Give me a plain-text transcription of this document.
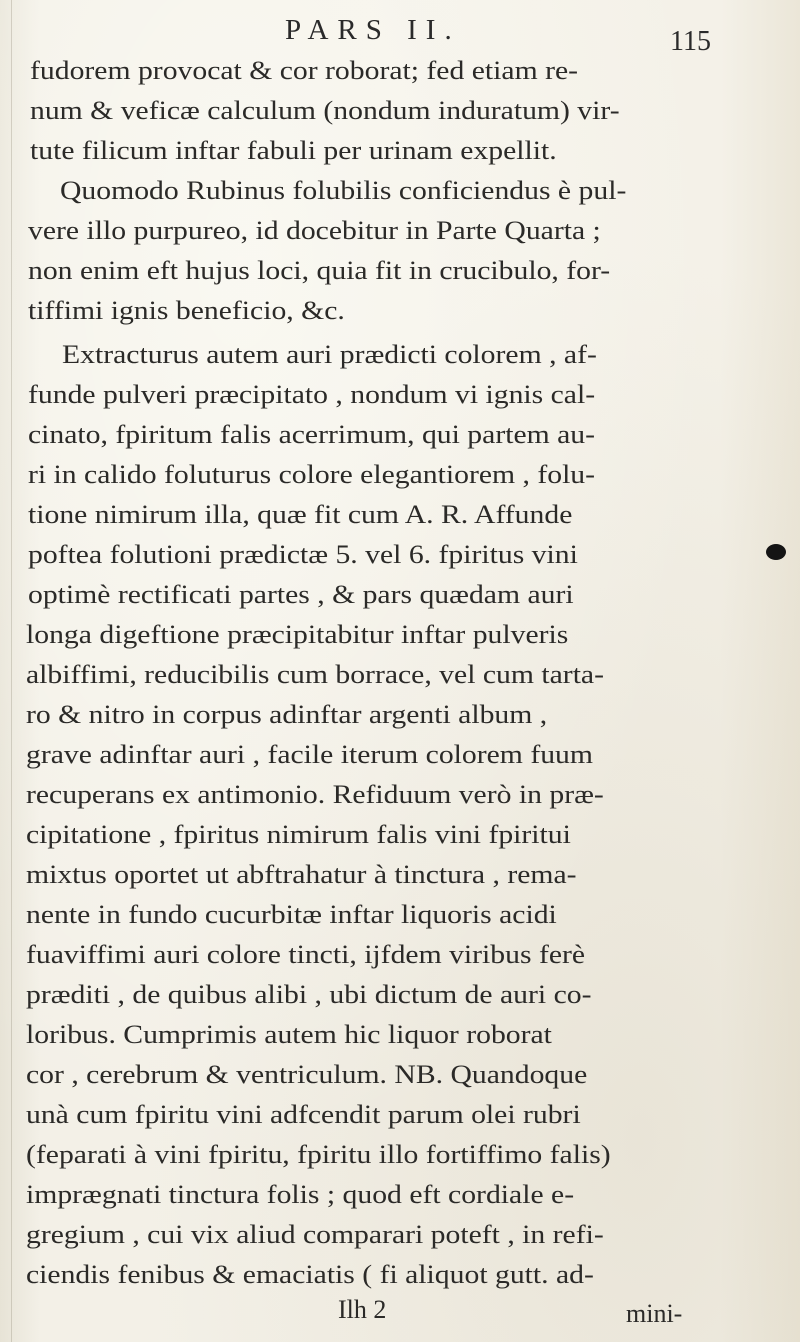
PARS II.	115
fudorem provocat & cor roborat; fed etiam re-
num & veficæ calculum (nondum induratum) vir-
tute filicum inftar fabuli per urinam expellit.
Quomodo Rubinus folubilis conficiendus è pul-
vere illo purpureo, id docebitur in Parte Quarta ;
non enim eft hujus loci, quia fit in crucibulo, for-
tiffimi ignis beneficio, &c.
Extracturus autem auri prædicti colorem , af-
funde pulveri præcipitato , nondum vi ignis cal-
cinato, fpiritum falis acerrimum, qui partem au-
ri in calido foluturus colore elegantiorem , folu-
tione nimirum illa, quæ fit cum A. R. Affunde
poftea folutioni prædictæ 5. vel 6. fpiritus vini
optimè rectificati partes , & pars quædam auri
longa digeftione præcipitabitur inftar pulveris
albiffimi, reducibilis cum borrace, vel cum tarta-
ro & nitro in corpus adinftar argenti album ,
grave adinftar auri , facile iterum colorem fuum
recuperans ex antimonio. Refiduum verò in præ-
cipitatione , fpiritus nimirum falis vini fpiritui
mixtus oportet ut abftrahatur à tinctura , rema-
nente in fundo cucurbitæ inftar liquoris acidi
fuaviffimi auri colore tincti, ijfdem viribus ferè
præditi , de quibus alibi , ubi dictum de auri co-
loribus. Cumprimis autem hic liquor roborat
cor , cerebrum & ventriculum. NB. Quandoque
unà cum fpiritu vini adfcendit parum olei rubri
(feparati à vini fpiritu, fpiritu illo fortiffimo falis)
imprægnati tinctura folis ; quod eft cordiale e-
gregium , cui vix aliud comparari poteft , in refi-
ciendis fenibus & emaciatis ( fi aliquot gutt. ad-
Ilh 2	mini-
